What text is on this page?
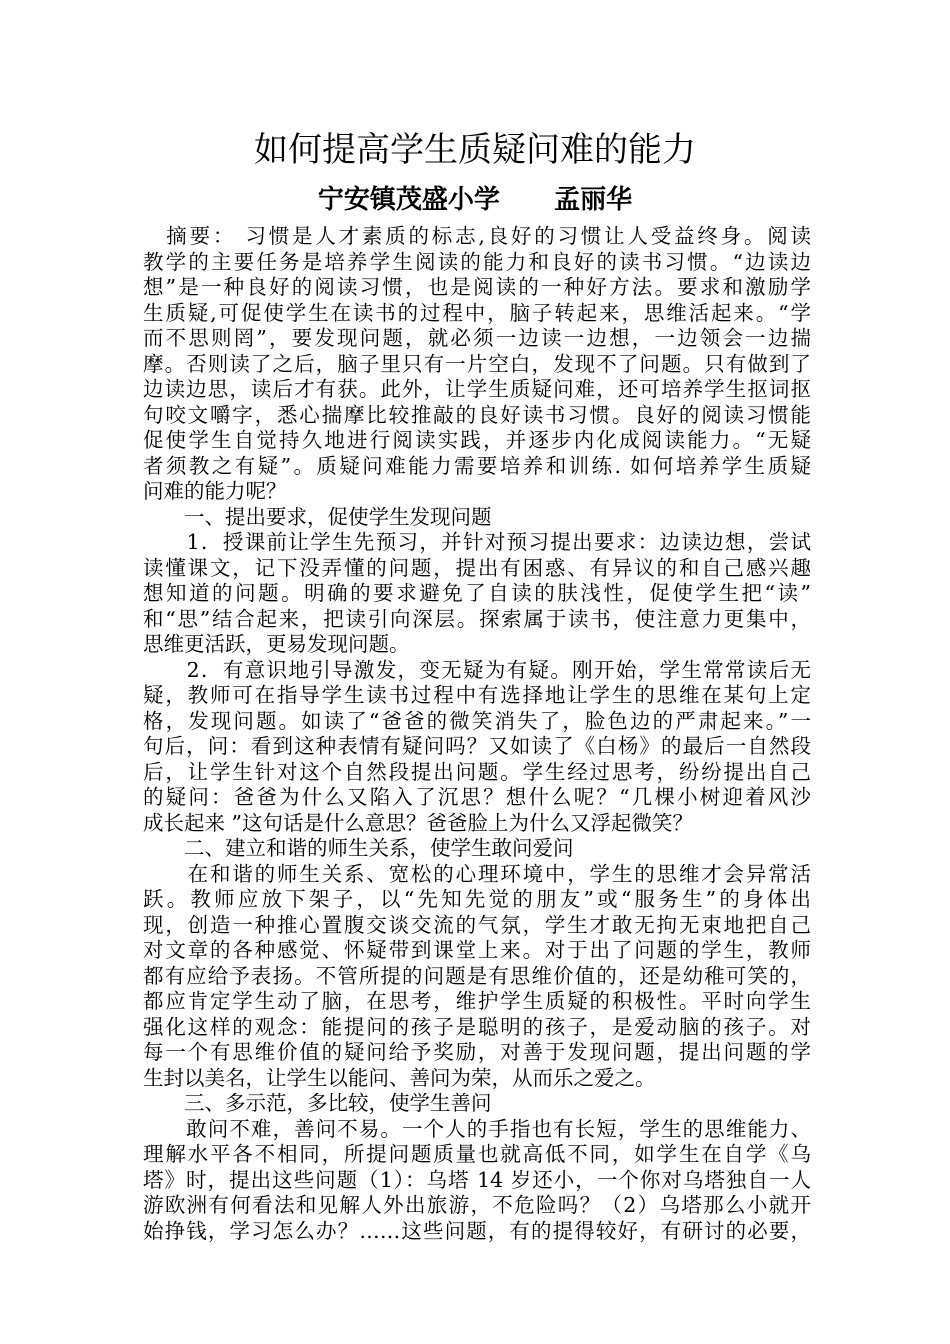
如何提高学生质疑问难的能力
宁安镇茂盛小学      孟丽华
　摘要： 习惯是人才素质的标志,良好的习惯让人受益终身。阅读
教学的主要任务是培养学生阅读的能力和良好的读书习惯。“边读边
想”是一种良好的阅读习惯，也是阅读的一种好方法。要求和激励学
生质疑,可促使学生在读书的过程中，脑子转起来，思维活起来。“学
而不思则罔”，要发现问题，就必须一边读一边想，一边领会一边揣
摩。否则读了之后，脑子里只有一片空白，发现不了问题。只有做到了
边读边思，读后才有获。此外，让学生质疑问难，还可培养学生抠词抠
句咬文嚼字，悉心揣摩比较推敲的良好读书习惯。良好的阅读习惯能
促使学生自觉持久地进行阅读实践，并逐步内化成阅读能力。“无疑
者须教之有疑”。质疑问难能力需要培养和训练. 如何培养学生质疑
问难的能力呢？
　　一、提出要求，促使学生发现问题
　　1．授课前让学生先预习，并针对预习提出要求：边读边想，尝试
读懂课文，记下没弄懂的问题，提出有困惑、有异议的和自己感兴趣
想知道的问题。明确的要求避免了自读的肤浅性，促使学生把“读”
和“思”结合起来，把读引向深层。探索属于读书，使注意力更集中，
思维更活跃，更易发现问题。
　　2．有意识地引导激发，变无疑为有疑。刚开始，学生常常读后无
疑，教师可在指导学生读书过程中有选择地让学生的思维在某句上定
格，发现问题。如读了“爸爸的微笑消失了，脸色边的严肃起来。”一
句后，问：看到这种表情有疑问吗？又如读了《白杨》的最后一自然段
后，让学生针对这个自然段提出问题。学生经过思考，纷纷提出自己
的疑问：爸爸为什么又陷入了沉思？想什么呢？“几棵小树迎着风沙
成长起来 ”这句话是什么意思？爸爸脸上为什么又浮起微笑？
　　二、建立和谐的师生关系，使学生敢问爱问
　　在和谐的师生关系、宽松的心理环境中，学生的思维才会异常活
跃。教师应放下架子，以“先知先觉的朋友”或“服务生”的身体出
现，创造一种推心置腹交谈交流的气氛，学生才敢无拘无束地把自己
对文章的各种感觉、怀疑带到课堂上来。对于出了问题的学生，教师
都有应给予表扬。不管所提的问题是有思维价值的，还是幼稚可笑的，
都应肯定学生动了脑，在思考，维护学生质疑的积极性。平时向学生
强化这样的观念：能提问的孩子是聪明的孩子，是爱动脑的孩子。对
每一个有思维价值的疑问给予奖励，对善于发现问题，提出问题的学
生封以美名，让学生以能问、善问为荣，从而乐之爱之。
　　三、多示范，多比较，使学生善问
　　敢问不难，善问不易。一个人的手指也有长短，学生的思维能力、
理解水平各不相同，所提问题质量也就高低不同，如学生在自学《乌
塔》时，提出这些问题（1）：乌塔 14 岁还小，一个你对乌塔独自一人
游欧洲有何看法和见解人外出旅游，不危险吗？（2）乌塔那么小就开
始挣钱，学习怎么办？……这些问题，有的提得较好，有研讨的必要，
